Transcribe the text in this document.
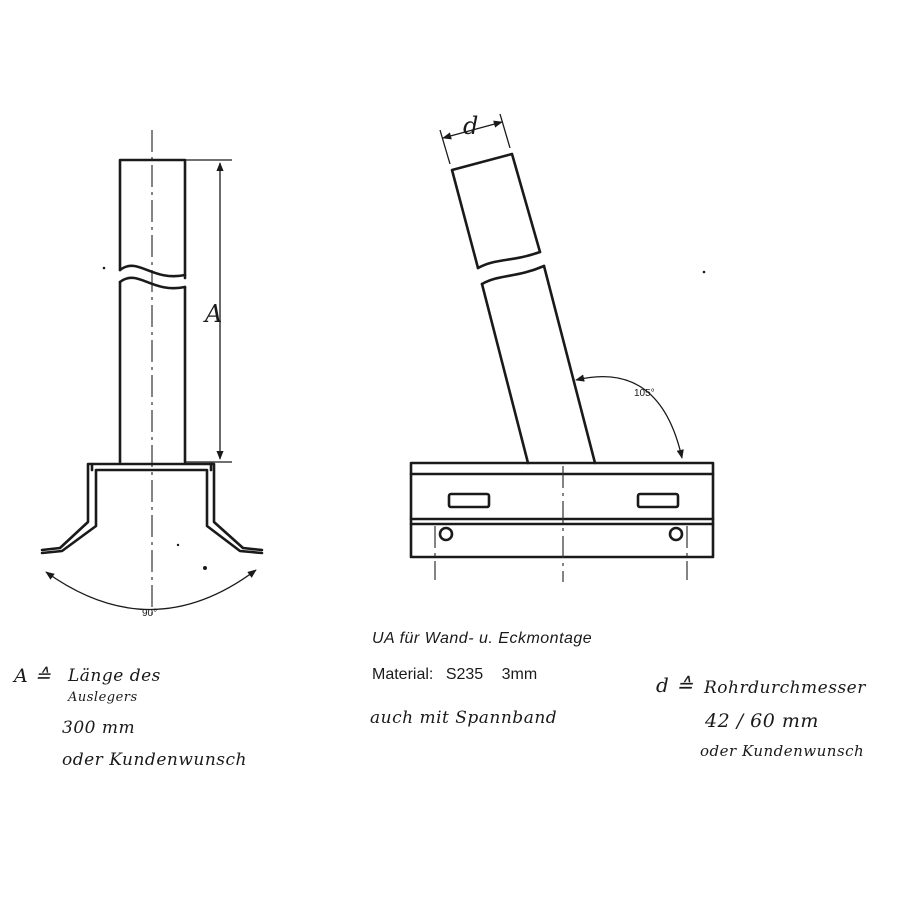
A
90°
d
105°
UA für Wand- u. Eckmontage
Material: S235 3mm
auch mit Spannband
A ≙ Länge des
Auslegers
300 mm
oder Kundenwunsch
d ≙ Rohrdurchmesser
42 / 60 mm
oder Kundenwunsch
